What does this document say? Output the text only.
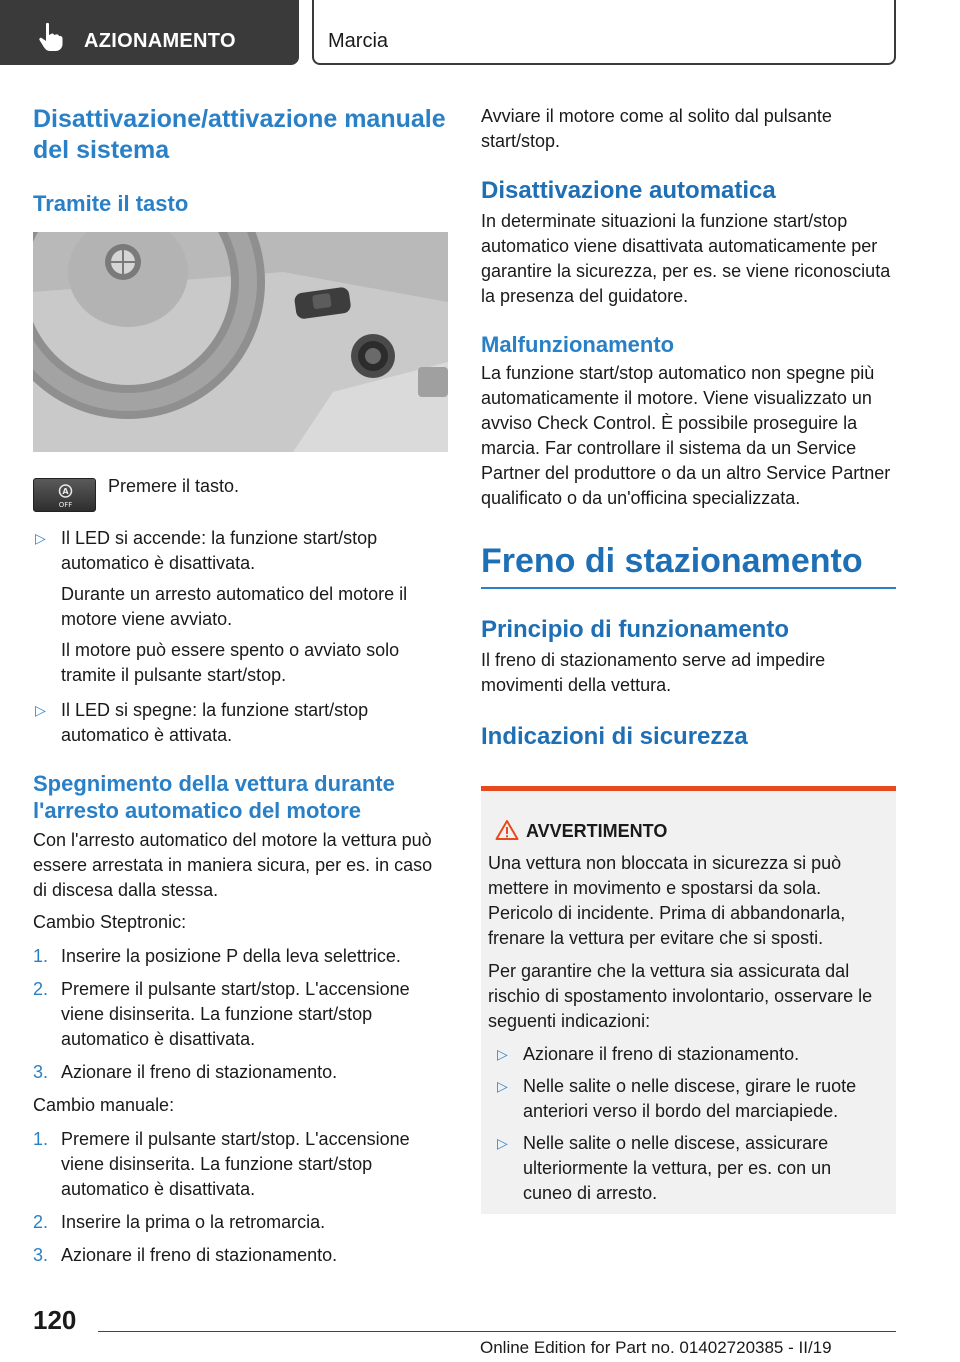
AZIONAMENTO	Marcia
Disattivazione/attivazione manuale del sistema
Tramite il tasto
A
OFF
Premere il tasto.
▷ Il LED si accende: la funzione start/stop automatico è disattivata.
Durante un arresto automatico del motore il motore viene avviato.
Il motore può essere spento o avviato solo tramite il pulsante start/stop.
▷ Il LED si spegne: la funzione start/stop automatico è attivata.
Spegnimento della vettura durante l'arresto automatico del motore

Con l'arresto automatico del motore la vettura può essere arrestata in maniera sicura, per es. in caso di discesa dalla stessa.

Cambio Steptronic:

1. Inserire la posizione P della leva selettrice.
2. Premere il pulsante start/stop. L'accensione viene disinserita. La funzione start/stop automatico è disattivata.
3. Azionare il freno di stazionamento.

Cambio manuale:

1. Premere il pulsante start/stop. L'accensione viene disinserita. La funzione start/stop automatico è disattivata.
2. Inserire la prima o la retromarcia.
3. Azionare il freno di stazionamento.

Avviare il motore come al solito dal pulsante start/stop.

Disattivazione automatica

In determinate situazioni la funzione start/stop automatico viene disattivata automaticamente per garantire la sicurezza, per es. se viene riconosciuta la presenza del guidatore.

Malfunzionamento

La funzione start/stop automatico non spegne più automaticamente il motore. Viene visualizzato un avviso Check Control. È possibile proseguire la marcia. Far controllare il sistema da un Service Partner del produttore o da un altro Service Partner qualificato o da un'officina specializzata.

Freno di stazionamento
Principio di funzionamento

Il freno di stazionamento serve ad impedire movimenti della vettura.

Indicazioni di sicurezza
AVVERTIMENTO

Una vettura non bloccata in sicurezza si può mettere in movimento e spostarsi da sola. Pericolo di incidente. Prima di abbandonarla, frenare la vettura per evitare che si sposti.

Per garantire che la vettura sia assicurata dal rischio di spostamento involontario, osservare le seguenti indicazioni:

▷ Azionare il freno di stazionamento.
▷ Nelle salite o nelle discese, girare le ruote anteriori verso il bordo del marciapiede.
▷ Nelle salite o nelle discese, assicurare ulteriormente la vettura, per es. con un cuneo di arresto.
120
Online Edition for Part no. 01402720385 - II/19
